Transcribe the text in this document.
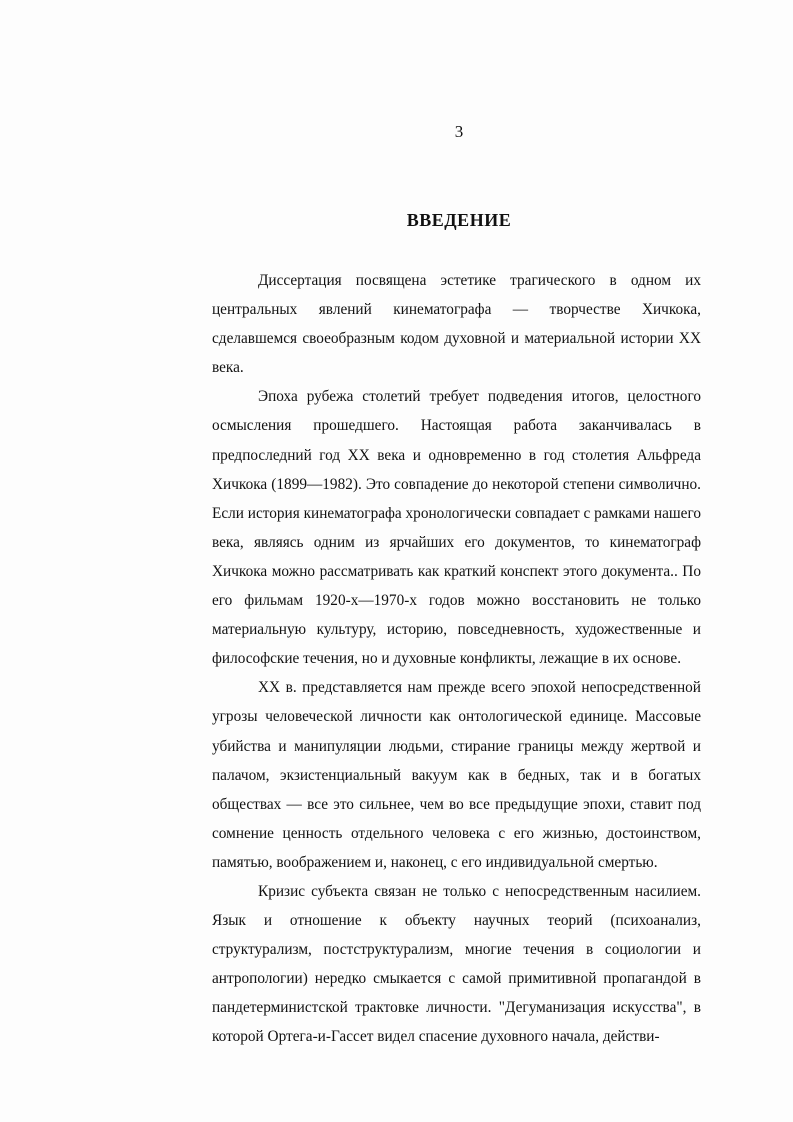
3
ВВЕДЕНИЕ

Диссертация посвящена эстетике трагического в одном их центральных явлений кинематографа — творчестве Хичкока, сделавшемся своеобразным кодом духовной и материальной истории XX века.

Эпоха рубежа столетий требует подведения итогов, целостного осмысления прошедшего. Настоящая работа заканчивалась в предпоследний год XX века и одновременно в год столетия Альфреда Хичкока (1899—1982). Это совпадение до некоторой степени символично. Если история кинематографа хронологически совпадает с рамками нашего века, являясь одним из ярчайших его документов, то кинематограф Хичкока можно рассматривать как краткий конспект этого документа.. По его фильмам 1920-х—1970-х годов можно восстановить не только материальную культуру, историю, повседневность, художественные и философские течения, но и духовные конфликты, лежащие в их основе.

XX в. представляется нам прежде всего эпохой непосредственной угрозы человеческой личности как онтологической единице. Массовые убийства и манипуляции людьми, стирание границы между жертвой и палачом, экзистенциальный вакуум как в бедных, так и в богатых обществах — все это сильнее, чем во все предыдущие эпохи, ставит под сомнение ценность отдельного человека с его жизнью, достоинством, памятью, воображением и, наконец, с его индивидуальной смертью.

Кризис субъекта связан не только с непосредственным насилием. Язык и отношение к объекту научных теорий (психоанализ, структурализм, постструктурализм, многие течения в социологии и антропологии) нередко смыкается с самой примитивной пропагандой в пандетерминистской трактовке личности. "Дегуманизация искусства", в которой Ортега-и-Гассет видел спасение духовного начала, действи-
